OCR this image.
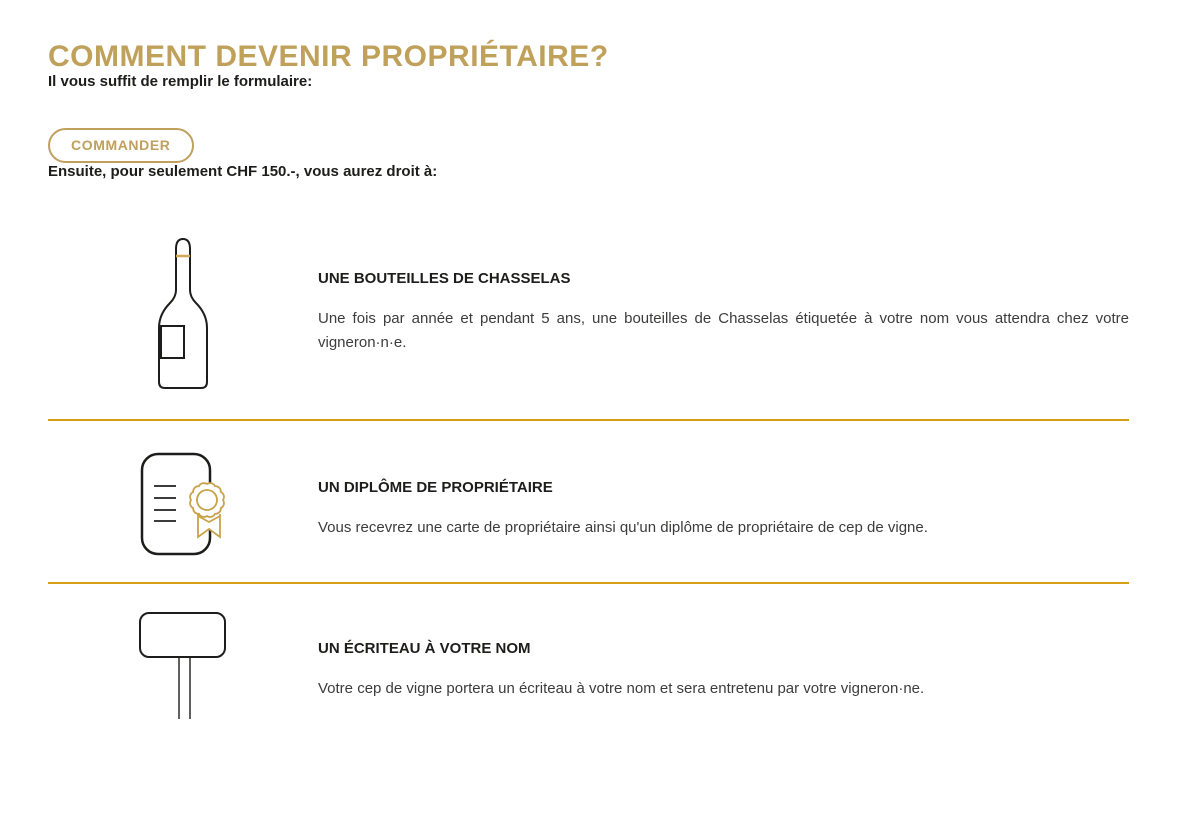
COMMENT DEVENIR PROPRIÉTAIRE?

Il vous suffit de remplir le formulaire:

COMMANDER

Ensuite, pour seulement CHF 150.-, vous aurez droit à:

UNE BOUTEILLES DE CHASSELAS

Une fois par année et pendant 5 ans, une bouteilles de Chasselas étiquetée à votre nom vous attendra chez votre vigneron·n·e.

UN DIPLÔME DE PROPRIÉTAIRE

Vous recevrez une carte de propriétaire ainsi qu'un diplôme de propriétaire de cep de vigne.

UN ÉCRITEAU À VOTRE NOM

Votre cep de vigne portera un écriteau à votre nom et sera entretenu par votre vigneron·ne.
